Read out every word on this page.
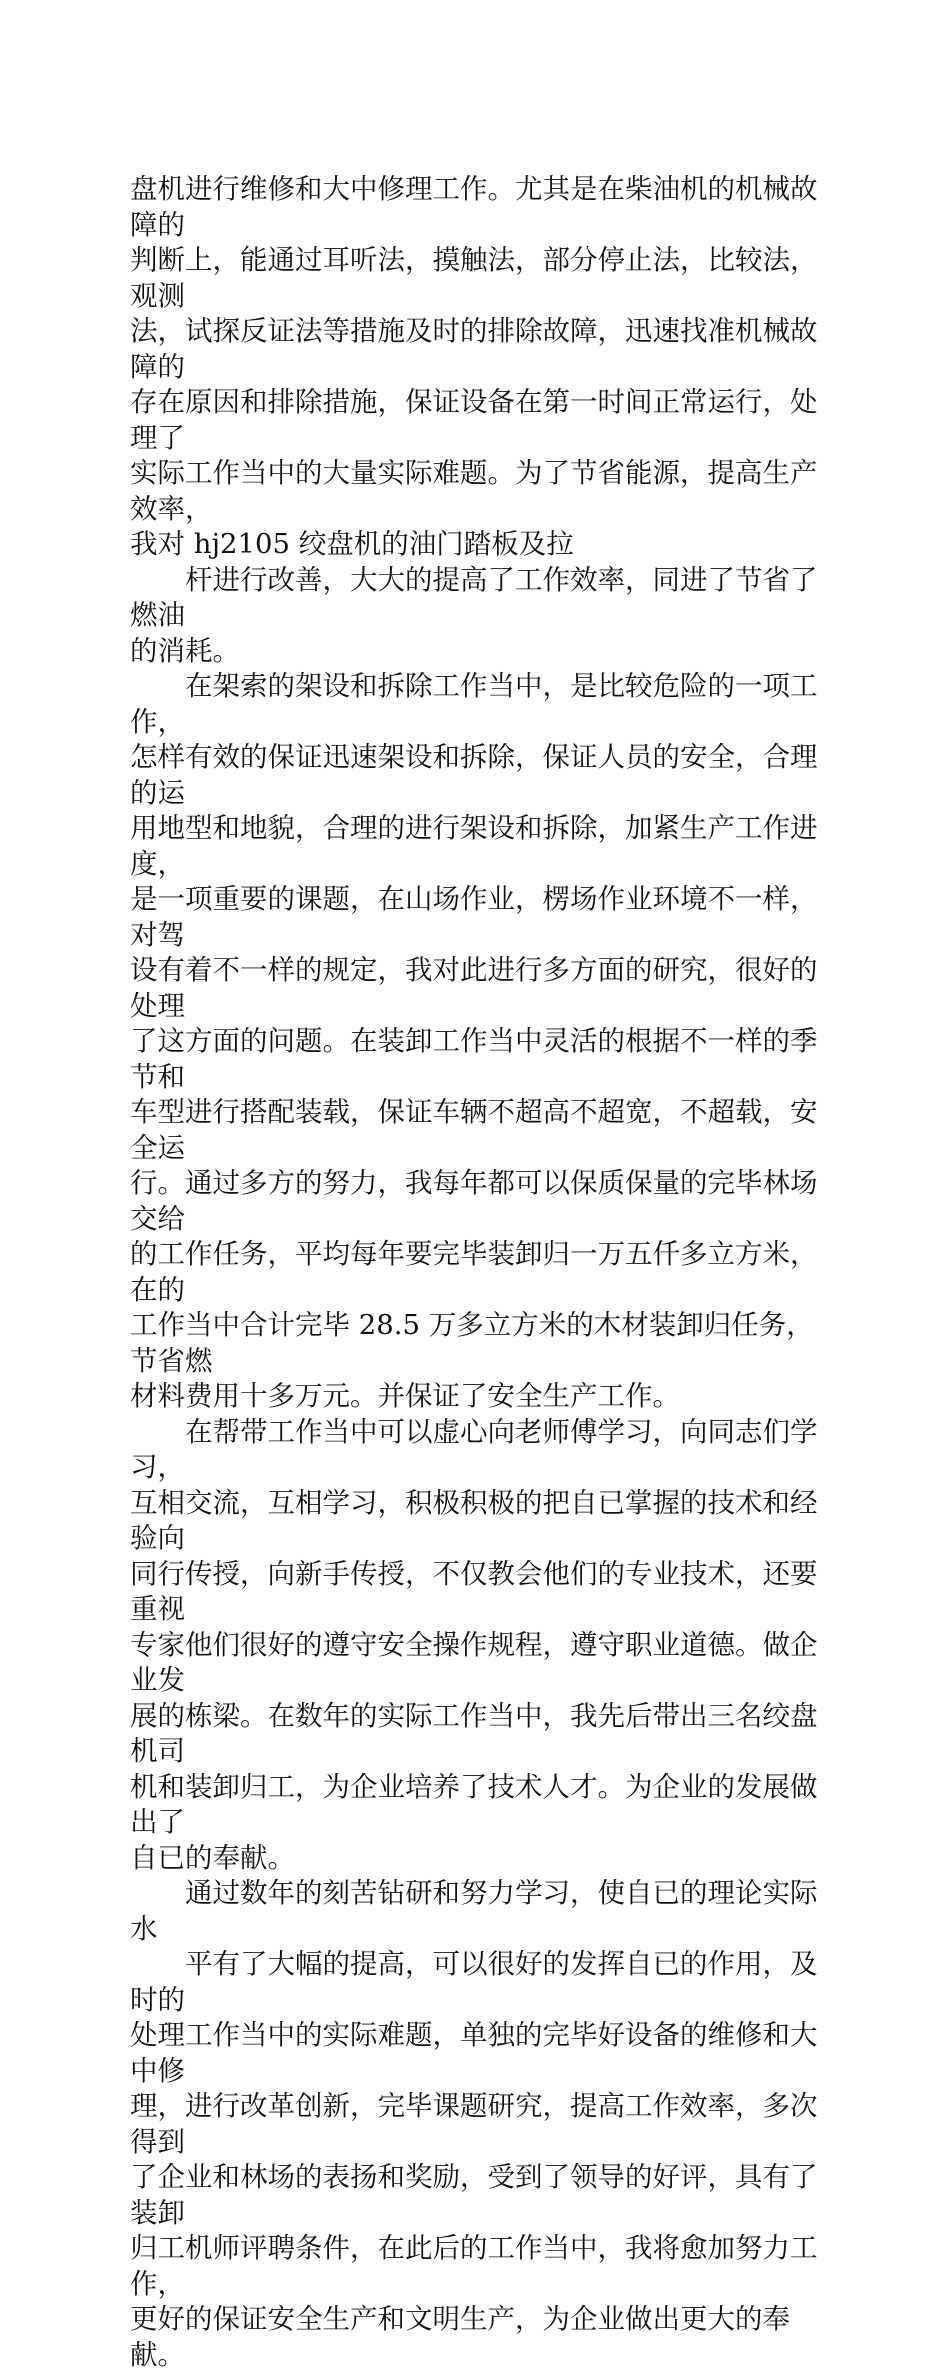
盘机进行维修和大中修理工作。尤其是在柴油机的机械故障的
判断上，能通过耳听法，摸触法，部分停止法，比较法，观测
法，试探反证法等措施及时的排除故障，迅速找准机械故障的
存在原因和排除措施，保证设备在第一时间正常运行，处理了
实际工作当中的大量实际难题。为了节省能源，提高生产效率，
我对 hj2105 绞盘机的油门踏板及拉

　　杆进行改善，大大的提高了工作效率，同进了节省了燃油
的消耗。

　　在架索的架设和拆除工作当中，是比较危险的一项工作，
怎样有效的保证迅速架设和拆除，保证人员的安全，合理的运
用地型和地貌，合理的进行架设和拆除，加紧生产工作进度，
是一项重要的课题，在山场作业，楞场作业环境不一样，对驾
设有着不一样的规定，我对此进行多方面的研究，很好的处理
了这方面的问题。在装卸工作当中灵活的根据不一样的季节和
车型进行搭配装载，保证车辆不超高不超宽，不超载，安全运
行。通过多方的努力，我每年都可以保质保量的完毕林场交给
的工作任务，平均每年要完毕装卸归一万五仟多立方米，在的
工作当中合计完毕 28.5 万多立方米的木材装卸归任务，节省燃
材料费用十多万元。并保证了安全生产工作。

　　在帮带工作当中可以虚心向老师傅学习，向同志们学习，
互相交流，互相学习，积极积极的把自已掌握的技术和经验向
同行传授，向新手传授，不仅教会他们的专业技术，还要重视
专家他们很好的遵守安全操作规程，遵守职业道德。做企业发
展的栋梁。在数年的实际工作当中，我先后带出三名绞盘机司
机和装卸归工，为企业培养了技术人才。为企业的发展做出了
自已的奉献。

　　通过数年的刻苦钻研和努力学习，使自已的理论实际水

　　平有了大幅的提高，可以很好的发挥自已的作用，及时的
处理工作当中的实际难题，单独的完毕好设备的维修和大中修
理，进行改革创新，完毕课题研究，提高工作效率，多次得到
了企业和林场的表扬和奖励，受到了领导的好评，具有了装卸
归工机师评聘条件，在此后的工作当中，我将愈加努力工作，
更好的保证安全生产和文明生产，为企业做出更大的奉献。
